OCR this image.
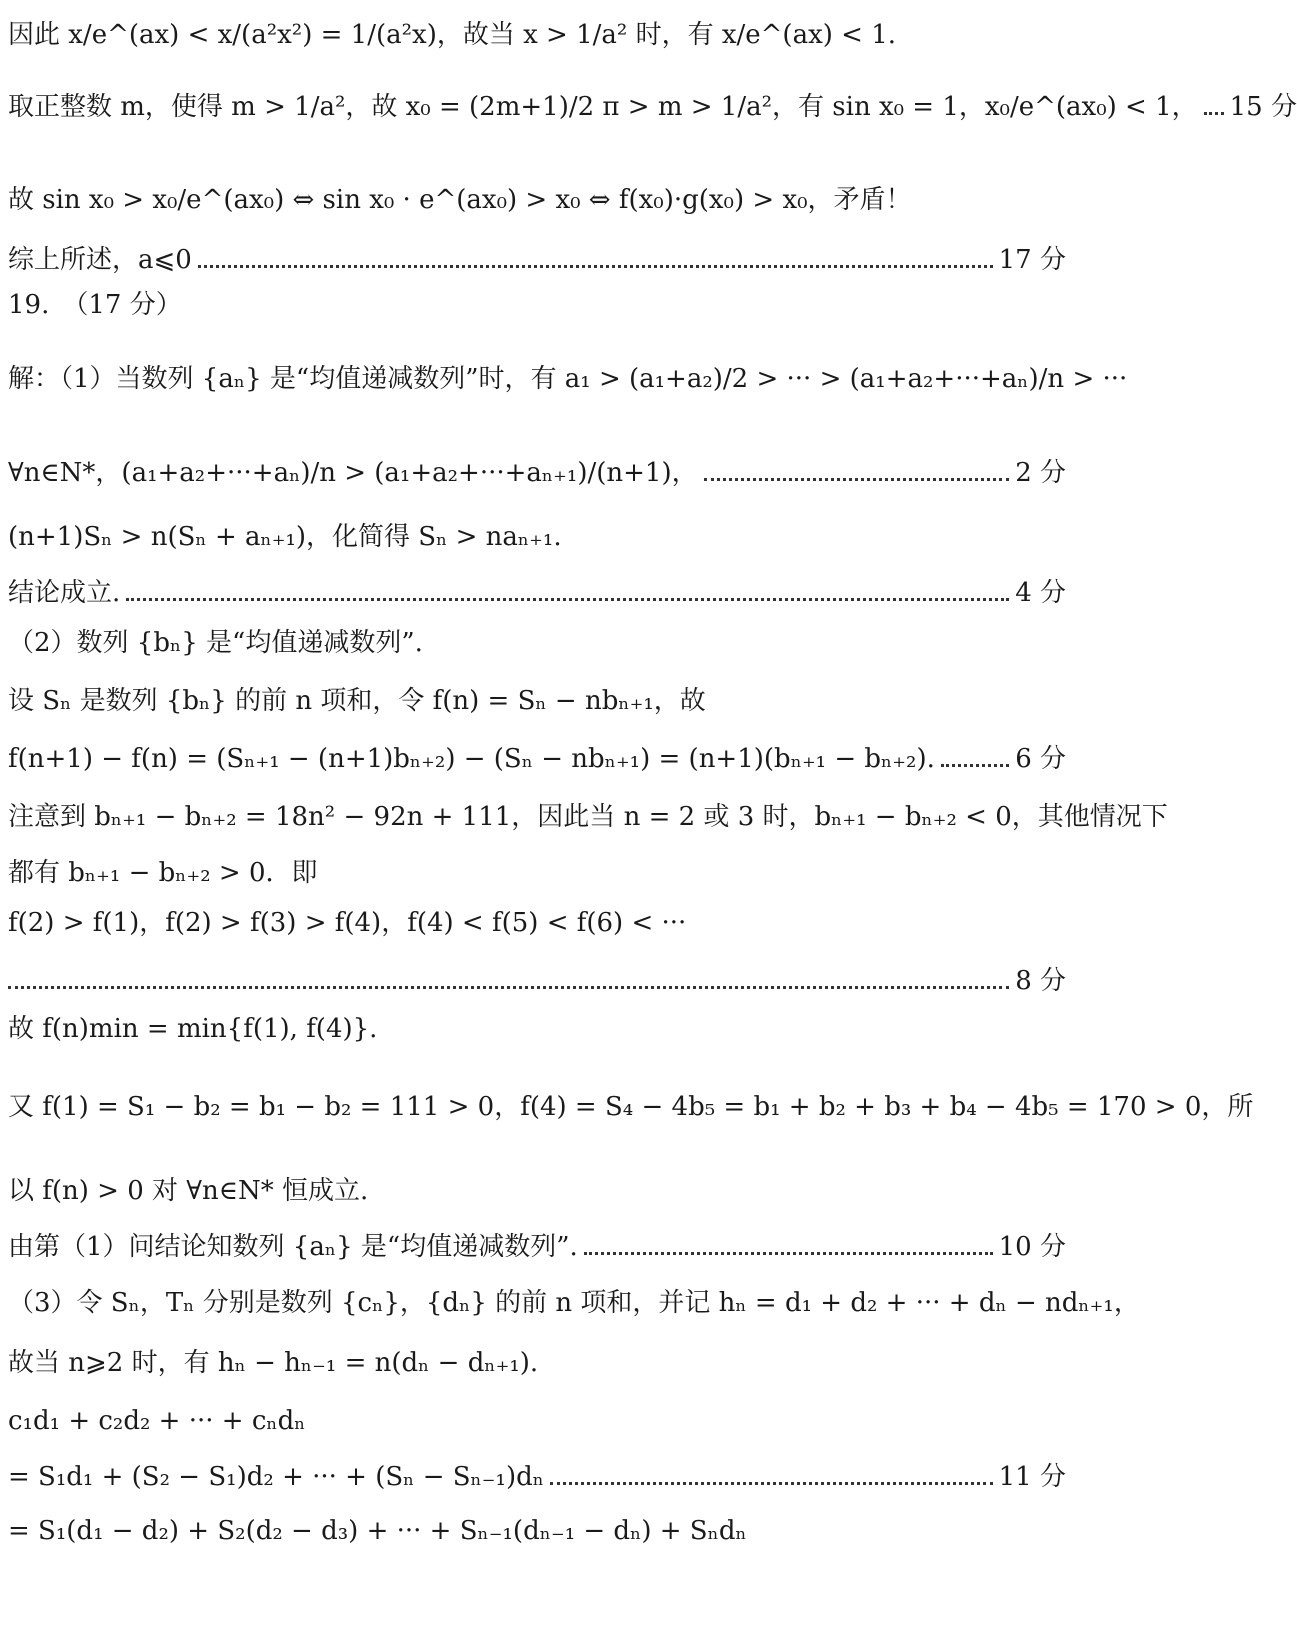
因此 x/e^(ax) < x/(a²x²) = 1/(a²x)，故当 x > 1/a² 时，有 x/e^(ax) < 1.
取正整数 m，使得 m > 1/a²，故 x₀ = (2m+1)/2 π > m > 1/a²，有 sin x₀ = 1，x₀/e^(ax₀) < 1， 15 分
故 sin x₀ > x₀/e^(ax₀) ⇔ sin x₀ · e^(ax₀) > x₀ ⇔ f(x₀)·g(x₀) > x₀，矛盾！
综上所述，a⩽0	17 分
19.　（17 分）
解：（1）当数列 {aₙ} 是“均值递减数列”时，有 a₁ > (a₁+a₂)/2 > ··· > (a₁+a₂+···+aₙ)/n > ···
∀n∈N*，(a₁+a₂+···+aₙ)/n > (a₁+a₂+···+aₙ₊₁)/(n+1)，	2 分
(n+1)Sₙ > n(Sₙ + aₙ₊₁)，化简得 Sₙ > naₙ₊₁.
结论成立.	4 分
（2）数列 {bₙ} 是“均值递减数列”.
设 Sₙ 是数列 {bₙ} 的前 n 项和，令 f(n) = Sₙ − nbₙ₊₁，故
f(n+1) − f(n) = (Sₙ₊₁ − (n+1)bₙ₊₂) − (Sₙ − nbₙ₊₁) = (n+1)(bₙ₊₁ − bₙ₊₂).	6 分
注意到 bₙ₊₁ − bₙ₊₂ = 18n² − 92n + 111，因此当 n = 2 或 3 时，bₙ₊₁ − bₙ₊₂ < 0，其他情况下
都有 bₙ₊₁ − bₙ₊₂ > 0．即
f(2) > f(1)，f(2) > f(3) > f(4)，f(4) < f(5) < f(6) < ···
8 分
故 f(n)min = min{f(1), f(4)}.
又 f(1) = S₁ − b₂ = b₁ − b₂ = 111 > 0，f(4) = S₄ − 4b₅ = b₁ + b₂ + b₃ + b₄ − 4b₅ = 170 > 0，所
以 f(n) > 0 对 ∀n∈N* 恒成立.
由第（1）问结论知数列 {aₙ} 是“均值递减数列”.	10 分
（3）令 Sₙ，Tₙ 分别是数列 {cₙ}，{dₙ} 的前 n 项和，并记 hₙ = d₁ + d₂ + ··· + dₙ − ndₙ₊₁，
故当 n⩾2 时，有 hₙ − hₙ₋₁ = n(dₙ − dₙ₊₁).
c₁d₁ + c₂d₂ + ··· + cₙdₙ
= S₁d₁ + (S₂ − S₁)d₂ + ··· + (Sₙ − Sₙ₋₁)dₙ	11 分
= S₁(d₁ − d₂) + S₂(d₂ − d₃) + ··· + Sₙ₋₁(dₙ₋₁ − dₙ) + Sₙdₙ
